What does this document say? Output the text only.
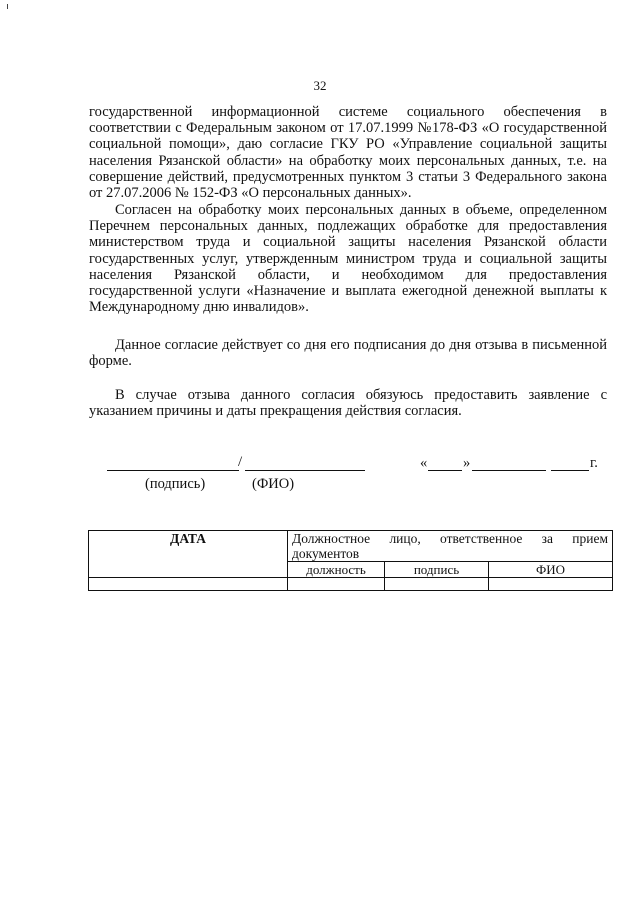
32
государственной информационной системе социального обеспечения в
соответствии с Федеральным законом от 17.07.1999 №178-ФЗ «О государственной
социальной помощи», даю согласие ГКУ РО «Управление социальной защиты
населения Рязанской области» на обработку моих персональных данных, т.е. на
совершение действий, предусмотренных пунктом 3 статьи 3 Федерального закона
от 27.07.2006 № 152-ФЗ «О персональных данных».
Согласен на обработку моих персональных данных в объеме, определенном
Перечнем персональных данных, подлежащих обработке для предоставления
министерством труда и социальной защиты населения Рязанской области
государственных услуг, утвержденным министром труда и социальной защиты
населения Рязанской области, и необходимом для предоставления
государственной услуги «Назначение и выплата ежегодной денежной выплаты к
Международному дню инвалидов».
Данное согласие действует со дня его подписания до дня отзыва в письменной
форме.
В случае отзыва данного согласия обязуюсь предоставить заявление с
указанием причины и даты прекращения действия согласия.
/
(подпись)	(ФИО)
« »	г.
ДАТА	Должностное лицо, ответственное за прием документов		
	должность	подпись	ФИО
